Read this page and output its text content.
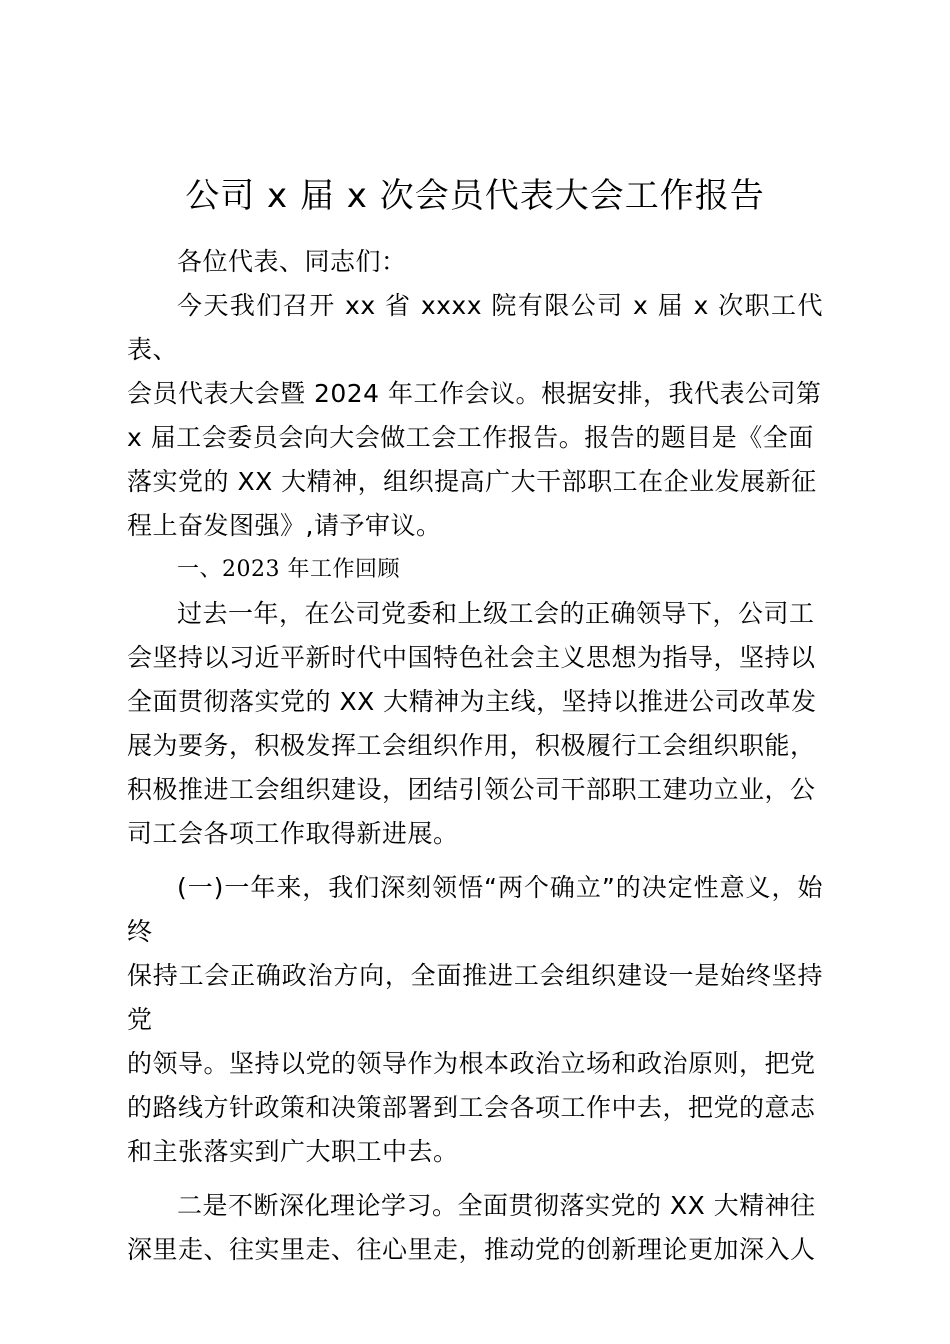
公司 x 届 x 次会员代表大会工作报告

各位代表、同志们：

今天我们召开 xx 省 xxxx 院有限公司 x 届 x 次职工代表、
会员代表大会暨 2024 年工作会议。根据安排，我代表公司第
x 届工会委员会向大会做工会工作报告。报告的题目是《全面
落实党的 XX 大精神，组织提高广大干部职工在企业发展新征
程上奋发图强》,请予审议。

一、2023 年工作回顾

过去一年，在公司党委和上级工会的正确领导下，公司工
会坚持以习近平新时代中国特色社会主义思想为指导，坚持以
全面贯彻落实党的 XX 大精神为主线，坚持以推进公司改革发
展为要务，积极发挥工会组织作用，积极履行工会组织职能，
积极推进工会组织建设，团结引领公司干部职工建功立业，公
司工会各项工作取得新进展。

(一)一年来，我们深刻领悟“两个确立”的决定性意义，始终
保持工会正确政治方向，全面推进工会组织建设一是始终坚持党
的领导。坚持以党的领导作为根本政治立场和政治原则，把党
的路线方针政策和决策部署到工会各项工作中去，把党的意志
和主张落实到广大职工中去。

二是不断深化理论学习。全面贯彻落实党的 XX 大精神往
深里走、往实里走、往心里走，推动党的创新理论更加深入人
